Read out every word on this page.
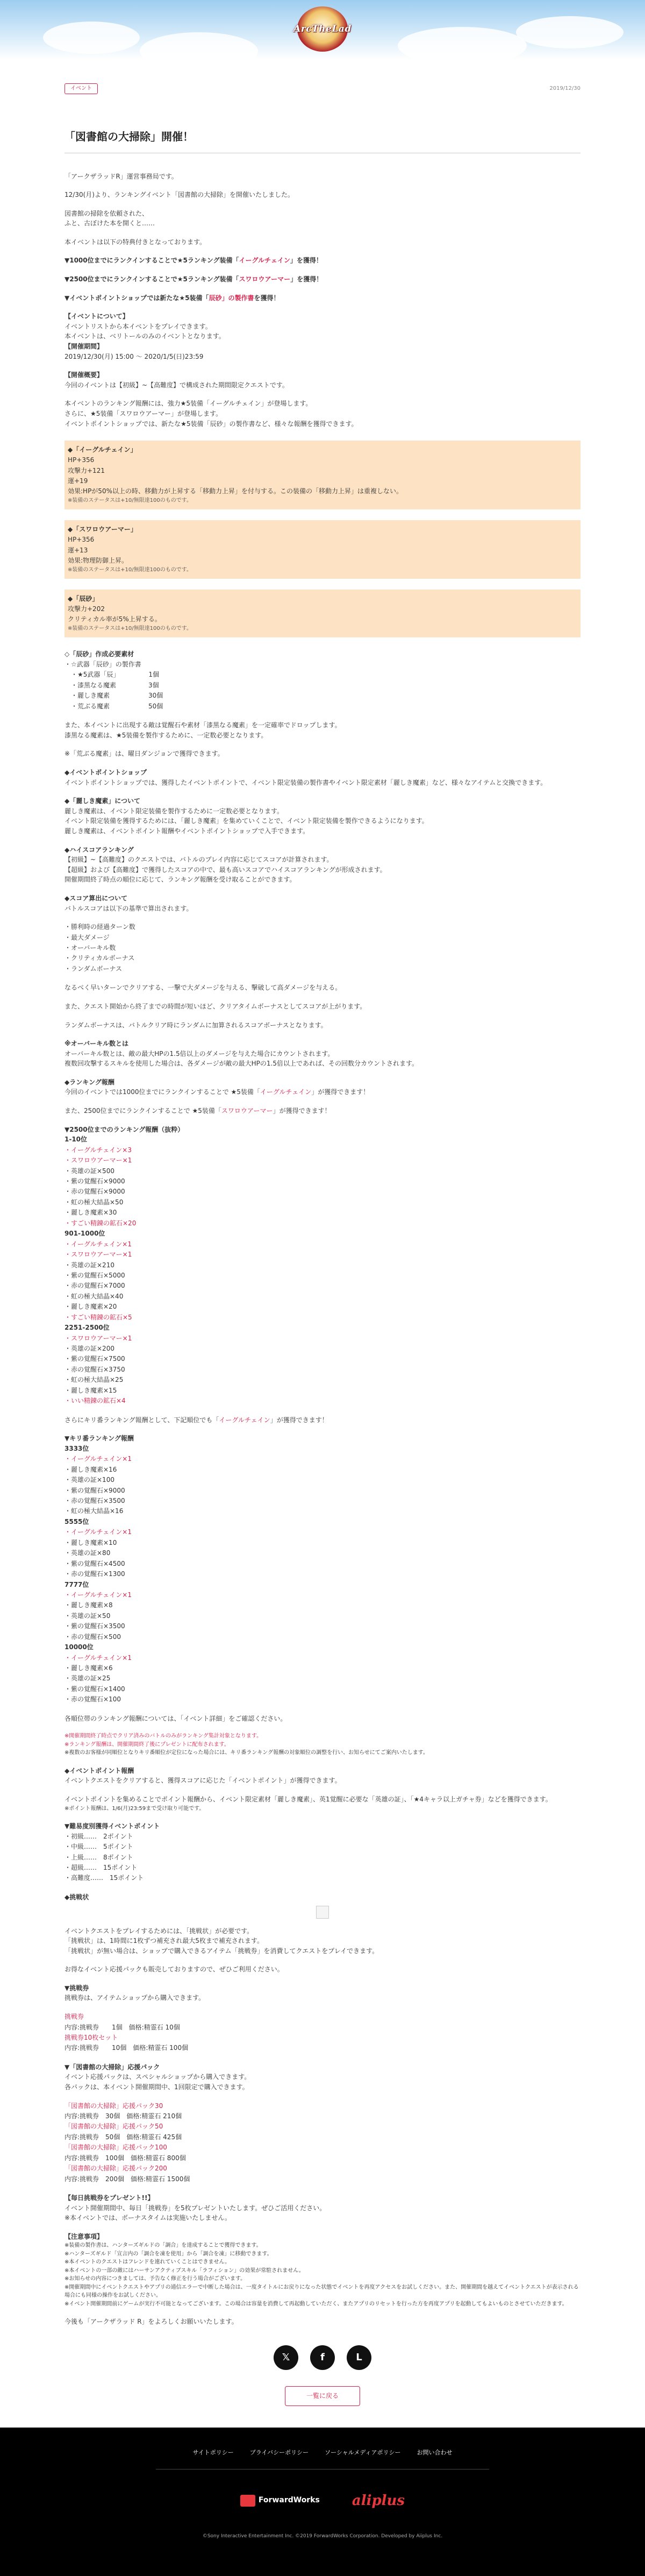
ArcTheLad
イベント	2019/12/30
「図書館の大掃除」開催！

「アークザラッドR」運営事務局です。

12/30(月)より、ランキングイベント「図書館の大掃除」を開催いたしました。

図書館の掃除を依頼された、

ふと、古ぼけた本を開くと……

本イベントは以下の特典付きとなっております。

▼1000位までにランクインすることで★5ランキング装備「イーグルチェイン」を獲得！

▼2500位までにランクインすることで★5ランキング装備「スワロウアーマー」を獲得！

▼イベントポイントショップでは新たな★5装備「辰砂」の製作書を獲得！

【イベントについて】

イベントリストから本イベントをプレイできます。

本イベントは、ベリトールのみのイベントとなります。

【開催期間】

2019/12/30(月) 15:00 ～ 2020/1/5(日)23:59

【開催概要】

今回のイベントは【初級】~【高難度】で構成された期間限定クエストです。

本イベントのランキング報酬には、強力★5装備「イーグルチェイン」が登場します。

さらに、★5装備「スワロウアーマー」が登場します。

イベントポイントショップでは、新たな★5装備「辰砂」の製作書など、様々な報酬を獲得できます。

◆「イーグルチェイン」

HP+356

攻撃力+121

運+19

効果:HPが50%以上の時、移動力が上昇する「移動力上昇」を付与する。この装備の「移動力上昇」は重複しない。

※装備のステータスは+10/無限達100のものです。

◆「スワロウアーマー」

HP+356

運+13

効果:物理防御上昇。

※装備のステータスは+10/無限達100のものです。

◆「辰砂」

攻撃力+202

クリティカル率が5%上昇する。

※装備のステータスは+10/無限達100のものです。

◇「辰砂」作成必要素材

・☆武器「辰砂」の製作書

　・★5武器「辰」　　　　　1個

　・漆黒なる魔素　　　　　3個

　・麗しき魔素　　　　　　30個

　・荒ぶる魔素　　　　　　50個

また、本イベントに出現する敵は覚醒石や素材「漆黒なる魔素」を一定確率でドロップします。

漆黒なる魔素は、★5装備を製作するために、一定数必要となります。

※「荒ぶる魔素」は、曜日ダンジョンで獲得できます。

◆イベントポイントショップ

イベントポイントショップでは、獲得したイベントポイントで、イベント限定装備の製作書やイベント限定素材「麗しき魔素」など、様々なアイテムと交換できます。

◆「麗しき魔素」について

麗しき魔素は、イベント限定装備を製作するために一定数必要となります。

イベント限定装備を獲得するためには、「麗しき魔素」を集めていくことで、イベント限定装備を製作できるようになります。

麗しき魔素は、イベントポイント報酬やイベントポイントショップで入手できます。

◆ハイスコアランキング

【初級】~【高難度】のクエストでは、バトルのプレイ内容に応じてスコアが計算されます。

【超級】および【高難度】で獲得したスコアの中で、最も高いスコアでハイスコアランキングが形成されます。

開催期間終了時点の順位に応じて、ランキング報酬を受け取ることができます。

◆スコア算出について

バトルスコアは以下の基準で算出されます。

・勝利時の経過ターン数

・最大ダメージ

・オーバーキル数

・クリティカルボーナス

・ランダムボーナス

なるべく早いターンでクリアする、一撃で大ダメージを与える、撃破して高ダメージを与える。

また、クエスト開始から終了までの時間が短いほど、クリアタイムボーナスとしてスコアが上がります。

ランダムボーナスは、バトルクリア時にランダムに加算されるスコアボーナスとなります。

※オーバーキル数とは

オーバーキル数とは、敵の最大HPの1.5倍以上のダメージを与えた場合にカウントされます。

複数回攻撃するスキルを使用した場合は、各ダメージが敵の最大HPの1.5倍以上であれば、その回数分カウントされます。

◆ランキング報酬

今回のイベントでは1000位までにランクインすることで ★5装備「イーグルチェイン」が獲得できます！

また、2500位までにランクインすることで ★5装備「スワロウアーマー」が獲得できます！

▼2500位までのランキング報酬（抜粋）

1-10位

・イーグルチェイン×3

・スワロウアーマー×1

・英雄の証×500

・紫の覚醒石×9000

・赤の覚醒石×9000

・虹の極大結晶×50

・麗しき魔素×30

・すごい精錬の鉱石×20

901-1000位

・イーグルチェイン×1

・スワロウアーマー×1

・英雄の証×210

・紫の覚醒石×5000

・赤の覚醒石×7000

・虹の極大結晶×40

・麗しき魔素×20

・すごい精錬の鉱石×5

2251-2500位

・スワロウアーマー×1

・英雄の証×200

・紫の覚醒石×7500

・赤の覚醒石×3750

・虹の極大結晶×25

・麗しき魔素×15

・いい精錬の鉱石×4

さらにキリ番ランキング報酬として、下記順位でも「イーグルチェイン」が獲得できます！

▼キリ番ランキング報酬

3333位

・イーグルチェイン×1

・麗しき魔素×16

・英雄の証×100

・紫の覚醒石×9000

・赤の覚醒石×3500

・虹の極大結晶×16

5555位

・イーグルチェイン×1

・麗しき魔素×10

・英雄の証×80

・紫の覚醒石×4500

・赤の覚醒石×1300

7777位

・イーグルチェイン×1

・麗しき魔素×8

・英雄の証×50

・紫の覚醒石×3500

・赤の覚醒石×500

10000位

・イーグルチェイン×1

・麗しき魔素×6

・英雄の証×25

・紫の覚醒石×1400

・赤の覚醒石×100

各順位帯のランキング報酬については、「イベント詳細」をご確認ください。

※開催期間終了時点でクリア済みのバトルのみがランキング集計対象となります。

※ランキング報酬は、開催期間終了後にプレゼントに配布されます。

※複数のお客様が同順位となりキリ番順位が定位になった場合には、キリ番ランキング報酬の対象順位の調整を行い、お知らせにてご案内いたします。

◆イベントポイント報酬

イベントクエストをクリアすると、獲得スコアに応じた「イベントポイント」が獲得できます。

イベントポイントを集めることでポイント報酬から、イベント限定素材「麗しき魔素」、英1覚醒に必要な「英雄の証」、「★4キャラ以上ガチャ券」などを獲得できます。

※ポイント報酬は、1/6(月)23:59まで受け取り可能です。

▼難易度別獲得イベントポイント

・初級……　2ポイント

・中級……　5ポイント

・上級……　8ポイント

・超級……　15ポイント

・高難度……　15ポイント

◆挑戦状

イベントクエストをプレイするためには、「挑戦状」が必要です。

「挑戦状」は、1時間に1枚ずつ補充され最大5枚まで補充されます。

「挑戦状」が無い場合は、ショップで購入できるアイテム「挑戦券」を消費してクエストをプレイできます。

お得なイベント応援パックも販売しておりますので、ぜひご利用ください。

▼挑戦券

挑戦券は、アイテムショップから購入できます。

挑戦券

内容:挑戦券　　1個　価格:精霊石 10個

挑戦券10枚セット

内容:挑戦券　　10個　価格:精霊石 100個

▼「図書館の大掃除」応援パック

イベント応援パックは、スペシャルショップから購入できます。

各パックは、本イベント開催期間中、1回限定で購入できます。

「図書館の大掃除」応援パック30

内容:挑戦券　30個　価格:精霊石 210個

「図書館の大掃除」応援パック50

内容:挑戦券　50個　価格:精霊石 425個

「図書館の大掃除」応援パック100

内容:挑戦券　100個　価格:精霊石 800個

「図書館の大掃除」応援パック200

内容:挑戦券　200個　価格:精霊石 1500個

【毎日挑戦券をプレゼント!!】

イベント開催期間中、毎日「挑戦券」を5枚プレゼントいたします。ぜひご活用ください。

※本イベントでは、ボーナスタイムは実施いたしません。

【注意事項】

※装備の製作書は、ハンターズギルドの「調合」を達成することで獲得できます。

※ハンターズギルド「宣言内の「調合を凍を使用」から「調合を凍」に移動できます。

※本イベントのクエストはフレンドを連れていくことはできません。

※本イベントの一部の敵にはハーサンアクティブスキル「ラフィション」の効果が常駐されません。

※お知らせの内容につきましては、予告なく修正を行う場合がございます。

※開催期間中にイベントクエストやアプリの通信エラーで中断した場合は、一度タイトルにお戻りになった状態でイベントを再度アクセスをお試しください。また、開催期間を越えてイベントクエストが表示される場合にも同様の操作をお試しください。

※イベント開催期間前にゲームが実行不可能となってございます。この場合は容量を消費して再起動していただく、またアプリのリセットを行った方を再度アプリを起動してもよいものとさせていただきます。

今後も「アークザラッド R」をよろしくお願いいたします。

𝕏	f	L
一覧に戻る
サイトポリシー	プライバシーポリシー	ソーシャルメディアポリシー	お問い合わせ
ForwardWorks aliplus
©Sony Interactive Entertainment Inc. ©2019 ForwardWorks Corporation. Developed by Aiiplus Inc.
